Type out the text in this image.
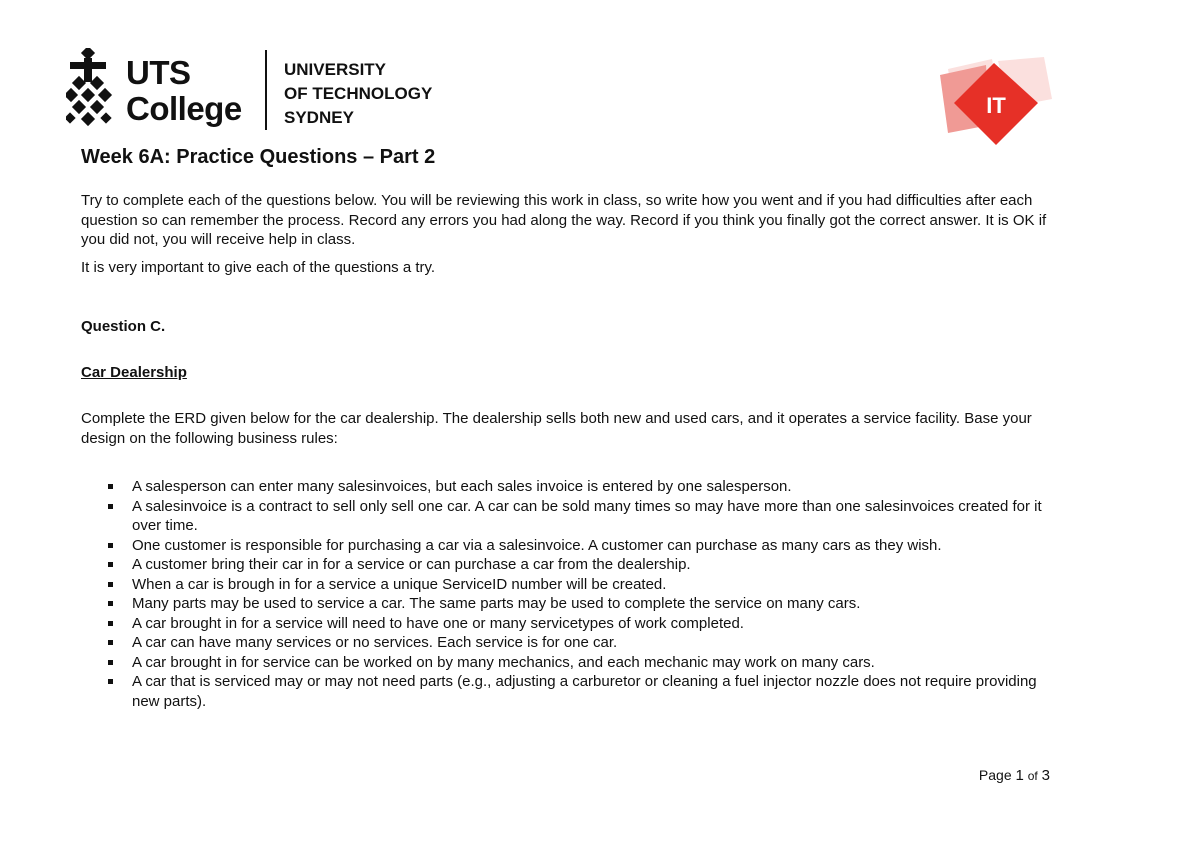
UTS
College
UNIVERSITY
OF TECHNOLOGY
SYDNEY	IT
Week 6A: Practice Questions – Part 2

Try to complete each of the questions below. You will be reviewing this work in class, so write how you went and if you had difficulties after each question so can remember the process. Record any errors you had along the way. Record if you think you finally got the correct answer. It is OK if you did not, you will receive help in class.

It is very important to give each of the questions a try.

Question C.

Car Dealership

Complete the ERD given below for the car dealership. The dealership sells both new and used cars, and it operates a service facility. Base your design on the following business rules:

A salesperson can enter many salesinvoices, but each sales invoice is entered by one salesperson.
A salesinvoice is a contract to sell only sell one car. A car can be sold many times so may have more than one salesinvoices created for it over time.
One customer is responsible for purchasing a car via a salesinvoice. A customer can purchase as many cars as they wish.
A customer bring their car in for a service or can purchase a car from the dealership.
When a car is brough in for a service a unique ServiceID number will be created.
Many parts may be used to service a car. The same parts may be used to complete the service on many cars.
A car brought in for a service will need to have one or many servicetypes of work completed.
A car can have many services or no services. Each service is for one car.
A car brought in for service can be worked on by many mechanics, and each mechanic may work on many cars.
A car that is serviced may or may not need parts (e.g., adjusting a carburetor or cleaning a fuel injector nozzle does not require providing new parts).
Page 1 of 3
